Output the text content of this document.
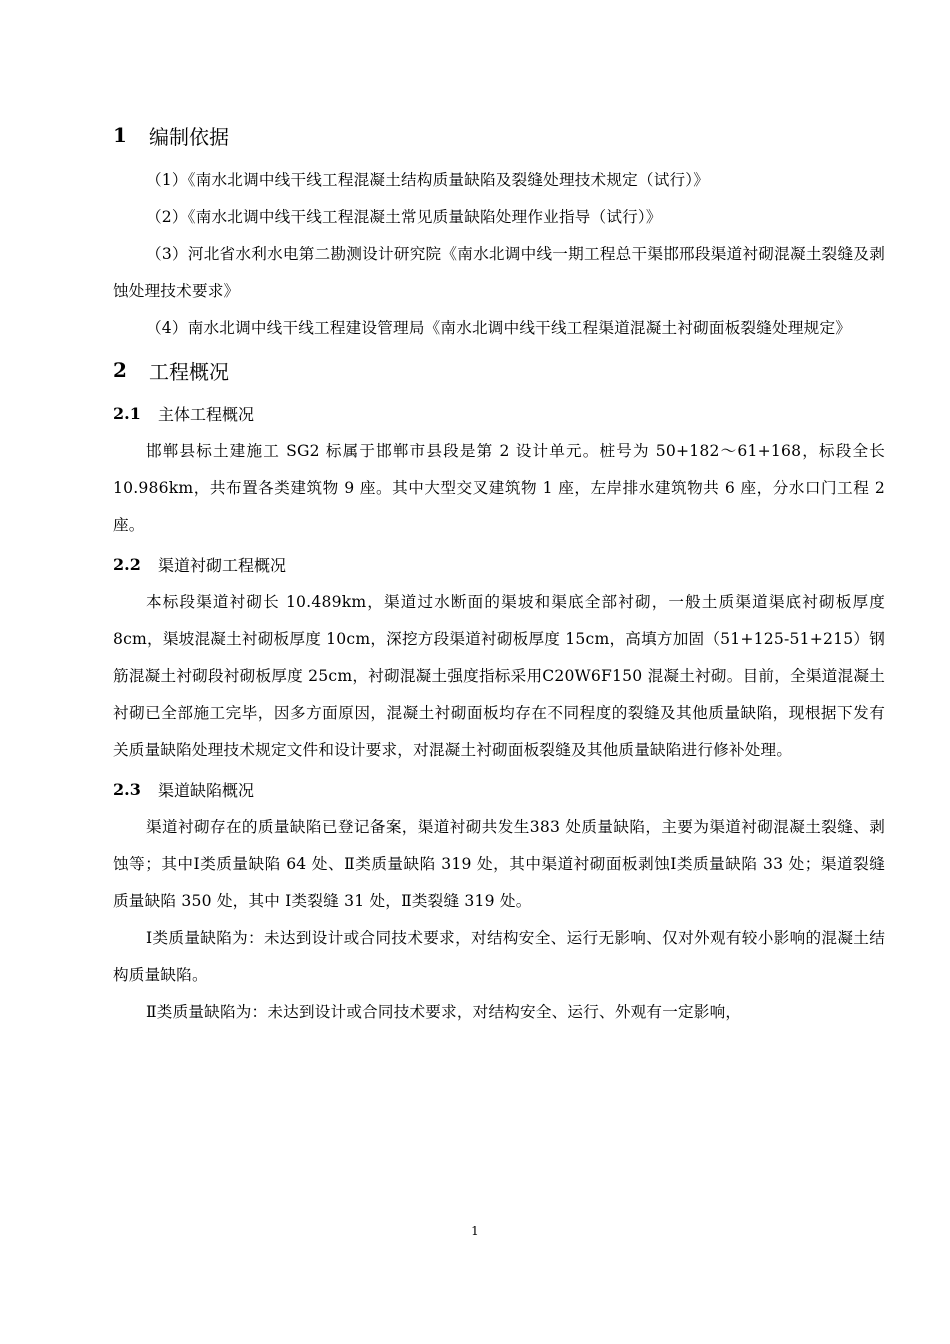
1	编制依据

（1）《南水北调中线干线工程混凝土结构质量缺陷及裂缝处理技术规定（试行）》

（2）《南水北调中线干线工程混凝土常见质量缺陷处理作业指导（试行）》

（3）河北省水利水电第二勘测设计研究院《南水北调中线一期工程总干渠邯邢段渠道衬砌混凝土裂缝及剥蚀处理技术要求》

（4）南水北调中线干线工程建设管理局《南水北调中线干线工程渠道混凝土衬砌面板裂缝处理规定》

2	工程概况
2.1	主体工程概况

邯郸县标土建施工 SG2 标属于邯郸市县段是第 2 设计单元。桩号为 50+182～61+168，标段全长 10.986km，共布置各类建筑物 9 座。其中大型交叉建筑物 1 座，左岸排水建筑物共 6 座，分水口门工程 2 座。

2.2	渠道衬砌工程概况

本标段渠道衬砌长 10.489km，渠道过水断面的渠坡和渠底全部衬砌，一般土质渠道渠底衬砌板厚度 8cm，渠坡混凝土衬砌板厚度 10cm，深挖方段渠道衬砌板厚度 15cm，高填方加固（51+125-51+215）钢筋混凝土衬砌段衬砌板厚度 25cm，衬砌混凝土强度指标采用C20W6F150 混凝土衬砌。目前，全渠道混凝土衬砌已全部施工完毕，因多方面原因，混凝土衬砌面板均存在不同程度的裂缝及其他质量缺陷，现根据下发有关质量缺陷处理技术规定文件和设计要求，对混凝土衬砌面板裂缝及其他质量缺陷进行修补处理。

2.3	渠道缺陷概况

渠道衬砌存在的质量缺陷已登记备案，渠道衬砌共发生383 处质量缺陷，主要为渠道衬砌混凝土裂缝、剥蚀等；其中Ⅰ类质量缺陷 64 处、Ⅱ类质量缺陷 319 处，其中渠道衬砌面板剥蚀Ⅰ类质量缺陷 33 处；渠道裂缝质量缺陷 350 处，其中 Ⅰ类裂缝 31 处，Ⅱ类裂缝 319 处。

Ⅰ类质量缺陷为：未达到设计或合同技术要求，对结构安全、运行无影响、仅对外观有较小影响的混凝土结构质量缺陷。

Ⅱ类质量缺陷为：未达到设计或合同技术要求，对结构安全、运行、外观有一定影响，

1
